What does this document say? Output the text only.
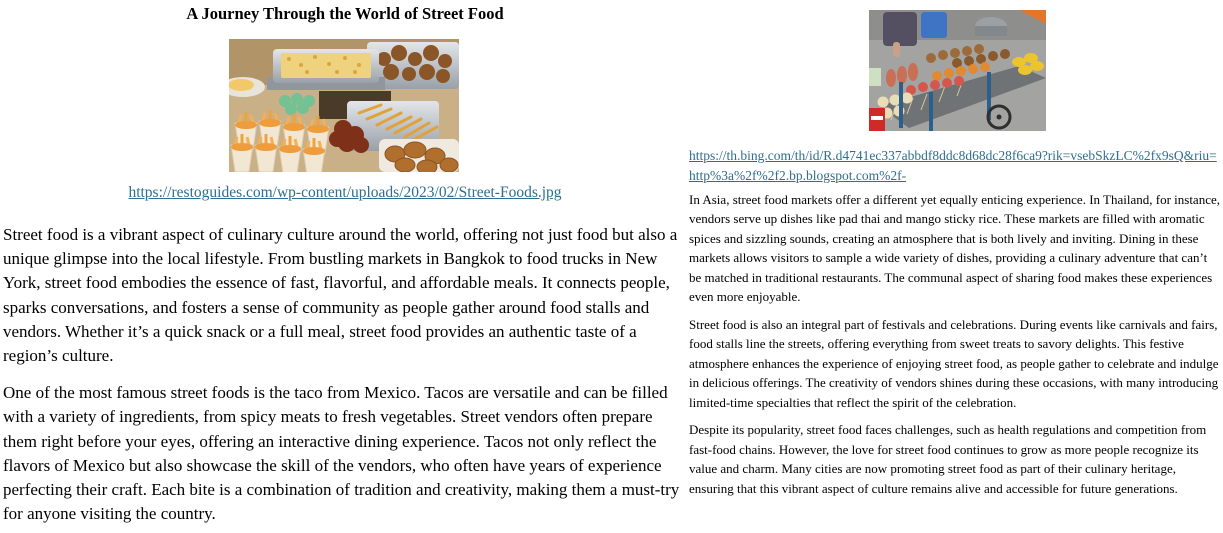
A Journey Through the World of Street Food
https://restoguides.com/wp-content/uploads/2023/02/Street-Foods.jpg

Street food is a vibrant aspect of culinary culture around the world, offering not just food but also a unique glimpse into the local lifestyle. From bustling markets in Bangkok to food trucks in New York, street food embodies the essence of fast, flavorful, and affordable meals. It connects people, sparks conversations, and fosters a sense of community as people gather around food stalls and vendors. Whether it’s a quick snack or a full meal, street food provides an authentic taste of a region’s culture.

One of the most famous street foods is the taco from Mexico. Tacos are versatile and can be filled with a variety of ingredients, from spicy meats to fresh vegetables. Street vendors often prepare them right before your eyes, offering an interactive dining experience. Tacos not only reflect the flavors of Mexico but also showcase the skill of the vendors, who often have years of experience perfecting their craft. Each bite is a combination of tradition and creativity, making them a must-try for anyone visiting the country.

https://th.bing.com/th/id/R.d4741ec337abbdf8ddc8d68dc28f6ca9?rik=vsebSkzLC%2fx9sQ&riu=http%3a%2f%2f2.bp.blogspot.com%2f-

In Asia, street food markets offer a different yet equally enticing experience. In Thailand, for instance, vendors serve up dishes like pad thai and mango sticky rice. These markets are filled with aromatic spices and sizzling sounds, creating an atmosphere that is both lively and inviting. Dining in these markets allows visitors to sample a wide variety of dishes, providing a culinary adventure that can’t be matched in traditional restaurants. The communal aspect of sharing food makes these experiences even more enjoyable.

Street food is also an integral part of festivals and celebrations. During events like carnivals and fairs, food stalls line the streets, offering everything from sweet treats to savory delights. This festive atmosphere enhances the experience of enjoying street food, as people gather to celebrate and indulge in delicious offerings. The creativity of vendors shines during these occasions, with many introducing limited-time specialties that reflect the spirit of the celebration.

Despite its popularity, street food faces challenges, such as health regulations and competition from fast-food chains. However, the love for street food continues to grow as more people recognize its value and charm. Many cities are now promoting street food as part of their culinary heritage, ensuring that this vibrant aspect of culture remains alive and accessible for future generations.
